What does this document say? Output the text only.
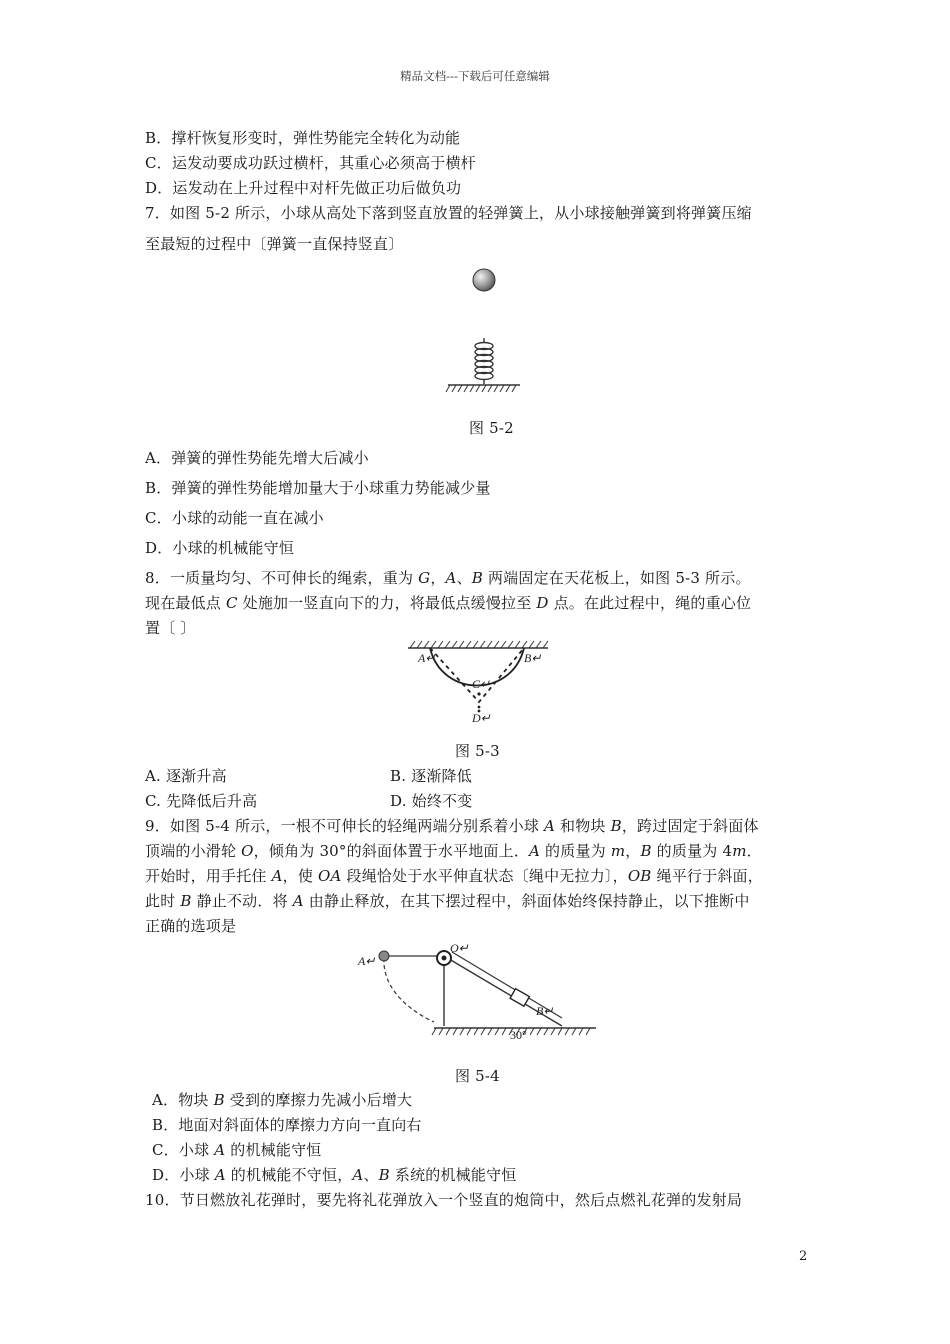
精品文档---下载后可任意编辑
B．撑杆恢复形变时，弹性势能完全转化为动能
C．运发动要成功跃过横杆，其重心必须高于横杆
D．运发动在上升过程中对杆先做正功后做负功
7．如图 5-2 所示，小球从高处下落到竖直放置的轻弹簧上，从小球接触弹簧到将弹簧压缩
至最短的过程中〔弹簧一直保持竖直〕
图 5-2
A．弹簧的弹性势能先增大后减小
B．弹簧的弹性势能增加量大于小球重力势能减少量
C．小球的动能一直在减小
D．小球的机械能守恒
8．一质量均匀、不可伸长的绳索，重为 G，A、B 两端固定在天花板上，如图 5-3 所示。
现在最低点 C 处施加一竖直向下的力，将最低点缓慢拉至 D 点。在此过程中，绳的重心位
置〔 〕
A↵	B↵
C↵
D↵
图 5-3
A. 逐渐升高	B. 逐渐降低
C. 先降低后升高	D. 始终不变
9．如图 5-4 所示，一根不可伸长的轻绳两端分别系着小球 A 和物块 B，跨过固定于斜面体
顶端的小滑轮 O，倾角为 30°的斜面体置于水平地面上．A 的质量为 m，B 的质量为 4m．
开始时，用手托住 A，使 OA 段绳恰处于水平伸直状态〔绳中无拉力〕，OB 绳平行于斜面，
此时 B 静止不动．将 A 由静止释放，在其下摆过程中，斜面体始终保持静止，以下推断中
正确的选项是
A↵
O↵
B↵
30°
图 5-4
A．物块 B 受到的摩擦力先减小后增大
B．地面对斜面体的摩擦力方向一直向右
C．小球 A 的机械能守恒
D．小球 A 的机械能不守恒，A、B 系统的机械能守恒
10．节日燃放礼花弹时，要先将礼花弹放入一个竖直的炮筒中，然后点燃礼花弹的发射局
2
